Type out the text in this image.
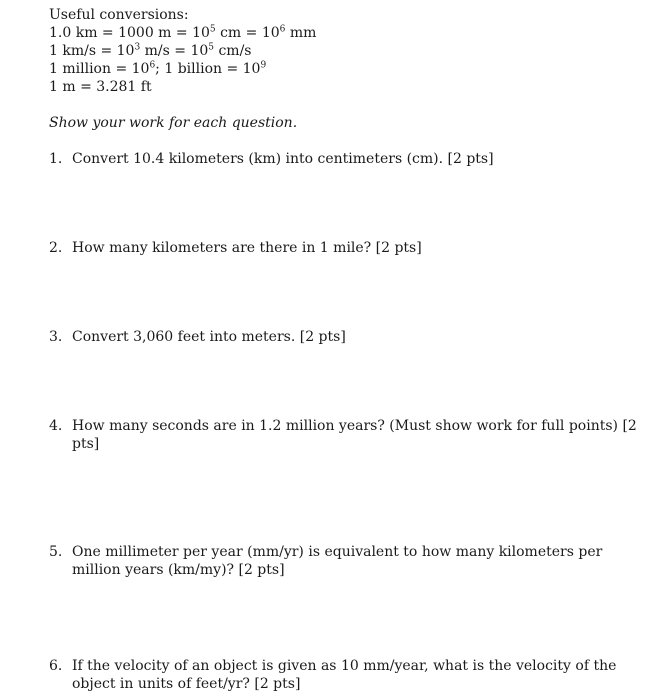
Useful conversions:
1.0 km = 1000 $m = 10^5$ cm = $10^6$ mm
1 $km/s = 10^3$ $m/s = 10^5$ cm/s
1 million = $10^6$; 1 billion = $10^9$
1 m = 3.281 ft
Show your work for each question.
1. Convert 10.4 kilometers (km) into centimeters (cm). [2 pts]
2. How many kilometers are there in 1 mile? [2 pts]
3. Convert 3,060 feet into meters. [2 pts]
4. How many seconds are in 1.2 million years? (Must show work for full points) [2 pts]
5. One millimeter per year (mm/yr) is equivalent to how many kilometers per million years (km/my)? [2 pts]
6. If the velocity of an object is given as 10 mm/year, what is the velocity of the object in units of feet/yr? [2 pts]
